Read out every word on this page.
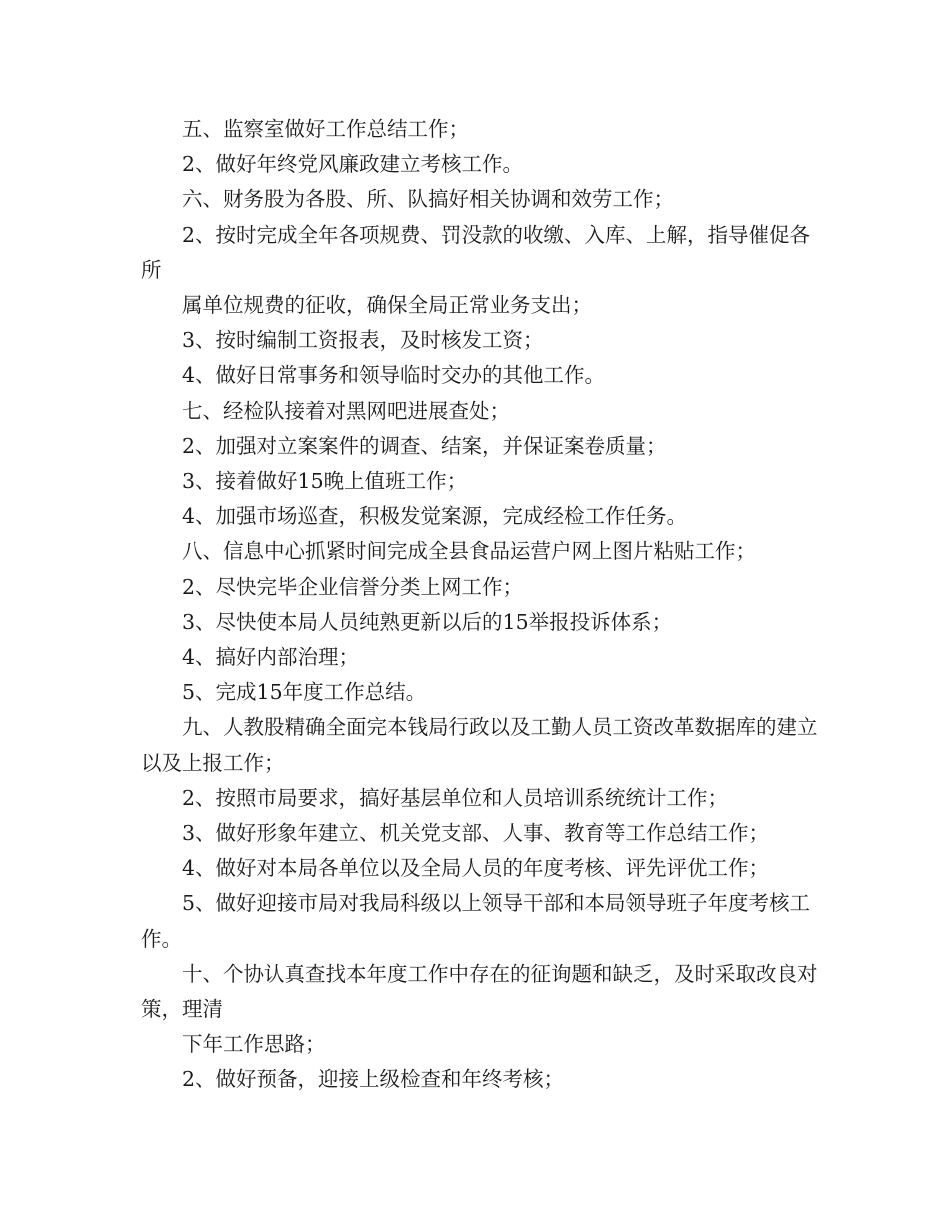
五、监察室做好工作总结工作；

2、做好年终党风廉政建立考核工作。

六、财务股为各股、所、队搞好相关协调和效劳工作；

2、按时完成全年各项规费、罚没款的收缴、入库、上解，指导催促各所

属单位规费的征收，确保全局正常业务支出；

3、按时编制工资报表，及时核发工资；

4、做好日常事务和领导临时交办的其他工作。

七、经检队接着对黑网吧进展查处；

2、加强对立案案件的调查、结案，并保证案卷质量；

3、接着做好15晚上值班工作；

4、加强市场巡查，积极发觉案源，完成经检工作任务。

八、信息中心抓紧时间完成全县食品运营户网上图片粘贴工作；

2、尽快完毕企业信誉分类上网工作；

3、尽快使本局人员纯熟更新以后的15举报投诉体系；

4、搞好内部治理；

5、完成15年度工作总结。

九、人教股精确全面完本钱局行政以及工勤人员工资改革数据库的建立以及上报工作；

2、按照市局要求，搞好基层单位和人员培训系统统计工作；

3、做好形象年建立、机关党支部、人事、教育等工作总结工作；

4、做好对本局各单位以及全局人员的年度考核、评先评优工作；

5、做好迎接市局对我局科级以上领导干部和本局领导班子年度考核工作。

十、个协认真查找本年度工作中存在的征询题和缺乏，及时采取改良对策，理清

下年工作思路；

2、做好预备，迎接上级检查和年终考核；
